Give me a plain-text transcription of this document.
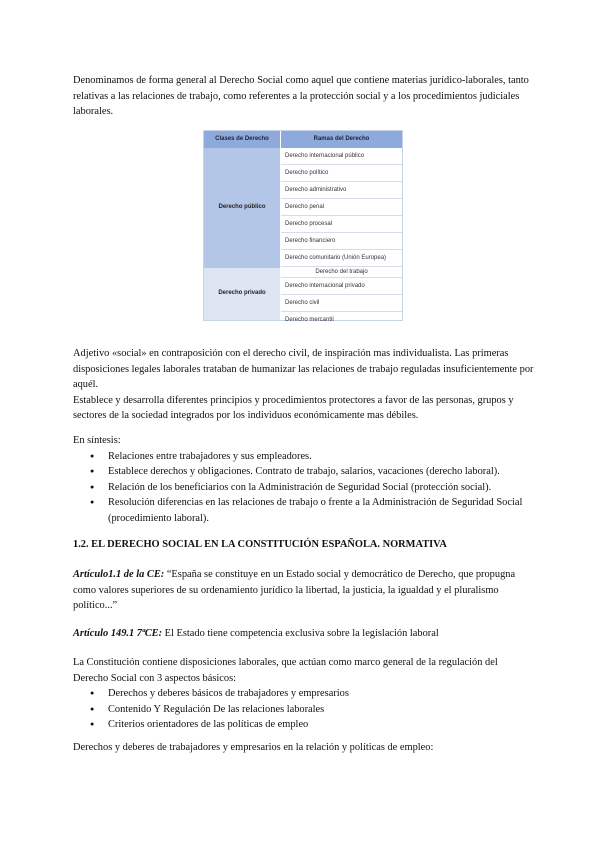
Denominamos de forma general al Derecho Social como aquel que contiene materias jurídico-laborales, tanto relativas a las relaciones de trabajo, como referentes a la protección social y a los procedimientos judiciales laborales.

Clases de Derecho	Ramas del Derecho
Derecho público
Derecho privado
Derecho internacional público
Derecho político
Derecho administrativo
Derecho penal
Derecho procesal
Derecho financiero
Derecho comunitario (Unión Europea)
Derecho del trabajo
Derecho internacional privado
Derecho civil
Derecho mercantil

Adjetivo «social» en contraposición con el derecho civil, de inspiración mas individualista. Las primeras disposiciones legales laborales trataban de humanizar las relaciones de trabajo reguladas insuficientemente por aquél.

Establece y desarrolla diferentes principios y procedimientos protectores a favor de las personas, grupos y sectores de la sociedad integrados por los individuos económicamente mas débiles.

En síntesis:

● Relaciones entre trabajadores y sus empleadores.
● Establece derechos y obligaciones. Contrato de trabajo, salarios, vacaciones (derecho laboral).
● Relación de los beneficiarios con la Administración de Seguridad Social (protección social).
● Resolución diferencias en las relaciones de trabajo o frente a la Administración de Seguridad Social (procedimiento laboral).
1.2. EL DERECHO SOCIAL EN LA CONSTITUCIÓN ESPAÑOLA. NORMATIVA

Artículo1.1 de la CE: “España se constituye en un Estado social y democrático de Derecho, que propugna como valores superiores de su ordenamiento jurídico la libertad, la justicia, la igualdad y el pluralismo político...”

Artículo 149.1 7ªCE: El Estado tiene competencia exclusiva sobre la legislación laboral

La Constitución contiene disposiciones laborales, que actúan como marco general de la regulación del Derecho Social con 3 aspectos básicos:

● Derechos y deberes básicos de trabajadores y empresarios
● Contenido Y Regulación De las relaciones laborales
● Criterios orientadores de las políticas de empleo
Derechos y deberes de trabajadores y empresarios en la relación y políticas de empleo:
